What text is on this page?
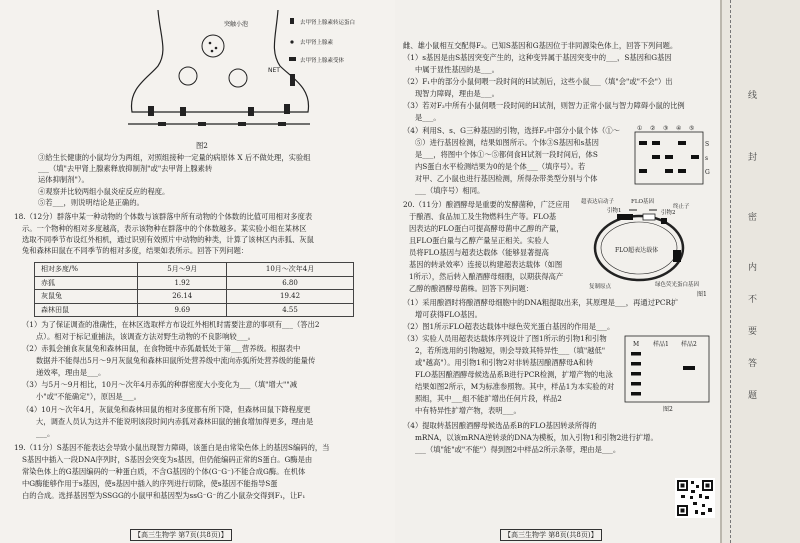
突触小泡
NET
去甲肾上腺素转运蛋白
去甲肾上腺素
去甲肾上腺素受体
图2
③給生长健康的小鼠均分为两组，对照组接种一定量的病原体 X 后不做处理，实验组
___（填"去甲肾上腺素释放抑制剂"或"去甲肾上腺素转
运体抑制剂"）。
④观察并比较两组小鼠炎症反应的程度。
⑤若___，则说明结论是正确的。
18.（12分）群落中某一种动物的个体数与该群落中所有动物的个体数的比值可用相对多度表
示。一个物种的相对多度越高，表示该物种在群落中的个体数越多。某实验小组在某林区
选取不同季节布设红外相机，通过识别有效照片中动物的种类，计算了该林区内赤狐、灰鼠
兔和森林田鼠在不同季节的相对多度，结果如表所示。回答下列问题：
相对多度/%	5月～9月	10月～次年4月
赤狐	1.92	6.80
灰鼠兔	26.14	19.42
森林田鼠	9.69	4.55
（1）为了保证调查的准确性，在林区选取样方布设红外相机时需要注意的事项有___（答出2
点）。相对于标记重捕法，该调查方法对野生动物的不良影响较___。
（2）赤狐会捕食灰鼠兔和森林田鼠，在食物链中赤狐最低处于第___营养级。根据表中
数据并不能得出5月～9月灰鼠兔和森林田鼠所处营养级中流向赤狐所处营养级的能量传
递效率，理由是___。
（3）与5月～9月相比，10月～次年4月赤狐的种群密度大小变化为___（填"增大""减
小"或"不能确定"），原因是___。
（4）10月～次年4月，灰鼠兔和森林田鼠的相对多度都有所下降，但森林田鼠下降程度更
大，调查人员认为这并不能说明该段时间内赤狐对森林田鼠的捕食增加得更多，理由是
___。
19.（11分）S基因不能表达会导致小鼠出现智力障碍，该蛋白是由常染色体上的基因S编码的，当
S基因中插入一段DNA序列时，S基因会突变为s基因，但仍能编码正常的S蛋白。G酶是由
常染色体上的G基因编码的一种蛋白质，不含G基因的个体(G⁻G⁻)不能合成G酶。在机体
中G酶能够作用于s基因，使s基因中插入的序列进行切除，使s基因不能指导S蛋
白的合成。选择基因型为SSGG的小鼠甲和基因型为ssG⁻G⁻的乙小鼠杂交得到F₁，让F₁
【高三生物学 第7页(共8页)】
雌、雄小鼠相互交配得F₂。已知S基因和G基因位于非同源染色体上，回答下列问题。
（1）s基因是由S基因突变产生的，这种变异属于基因突变中的___，S基因和G基因
中属于显性基因的是___。
（2）F₁中的部分小鼠伺喂一段时间的H试剂后，这些小鼠___（填"会"或"不会"）出
现智力障碍，理由是___。
（3）若对F₂中所有小鼠伺喂一段时间的H试剂，则智力正常小鼠与智力障碍小鼠的比例
是___。
（4）利用S、s、G三种基因的引物，选择F₂中部分小鼠个体（①～
⑤）进行基因检测，结果如图所示。个体③S基因和s基因
是___，将图中个体①～⑤都伺食H试剂一段时间后，体S
内S蛋白水平检测结果为0的是个体___（填序号）。若
对甲、乙小鼠也进行基因检测，所得杂带类型分别与个体
___（填序号）相同。
① ② ③ ④ ⑤
S
s
G
20.（11分）酿酒酵母是重要的发酵菌种，广泛应用
于酿酒、食品加工及生物燃料生产等。FLO基
因表达的FLO蛋白可提高酵母菌中乙醇的产量，
且FLO蛋白量与乙醇产量呈正相关。实验人
员将FLO基因与超表达载体（能够显著提高
基因的转录效率）连接以构建超表达载体（如图
1所示），然后转入酿酒酵母细胞，以期获得高产
乙醇的酿酒酵母菌株。回答下列问题：
超表达启动子	FLO基因
终止子
引物1	引物2
FLO超表达载体
复制原点	绿色荧光蛋白基因
图1
（1）采用酿酒时将酿酒酵母细胞中的DNA粗提取出来，其原理是___，再通过PCR扩
增可获得FLO基因。
（2）图1所示FLO超表达载体中绿色荧光蛋白基因的作用是___。
（3）实验人员用超表达载体序列设计了图1所示的引物1和引物
2，若所选用的引物越短，则会导致其特异性___（填"越低"
或"越高"）。用引物1和引物2对非转基因酿酒酵母A和转
FLO基因酿酒酵母候选品系B进行PCR检测，扩增产物的电泳
结果如图2所示，M为标准参照物。其中，样品1为本实验的对
照组，其中___组不能扩增出任何片段，样品2
中有特异性扩增产物，表明___。
（4）提取转基因酿酒酵母候选品系B的FLO基因转录所得的
mRNA，以该mRNA逆转录的DNA为模板，加入引物1和引物2进行扩增。
___（填"能"或"不能"）得到图2中样品2所示条带，理由是___。
M 样品1 样品2
图2
【高三生物学 第8页(共8页)】
线
封
密
内
不
要
答
题
